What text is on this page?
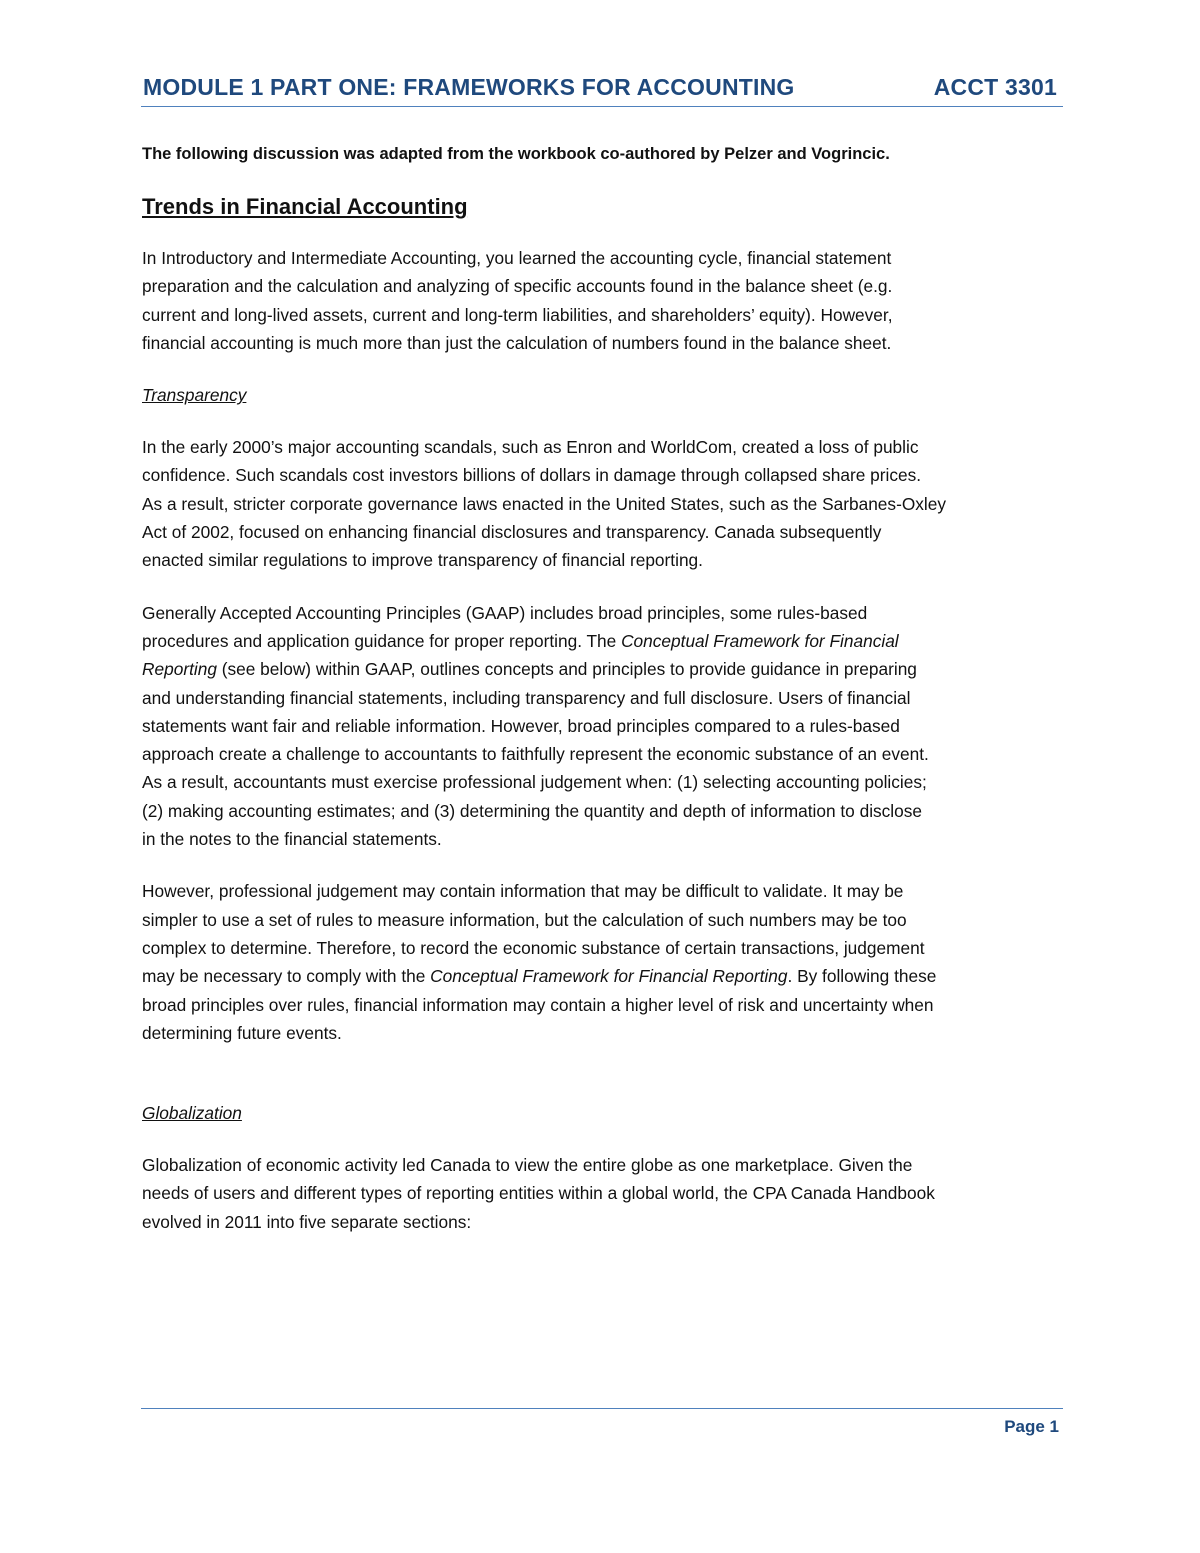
MODULE 1 PART ONE: FRAMEWORKS FOR ACCOUNTING	ACCT 3301
The following discussion was adapted from the workbook co-authored by Pelzer and Vogrincic.
Trends in Financial Accounting

In Introductory and Intermediate Accounting, you learned the accounting cycle, financial statement
preparation and the calculation and analyzing of specific accounts found in the balance sheet (e.g.
current and long-lived assets, current and long-term liabilities, and shareholders’ equity). However,
financial accounting is much more than just the calculation of numbers found in the balance sheet.

Transparency

In the early 2000’s major accounting scandals, such as Enron and WorldCom, created a loss of public
confidence. Such scandals cost investors billions of dollars in damage through collapsed share prices.
As a result, stricter corporate governance laws enacted in the United States, such as the Sarbanes-Oxley
Act of 2002, focused on enhancing financial disclosures and transparency. Canada subsequently
enacted similar regulations to improve transparency of financial reporting.

Generally Accepted Accounting Principles (GAAP) includes broad principles, some rules-based
procedures and application guidance for proper reporting. The Conceptual Framework for Financial
Reporting (see below) within GAAP, outlines concepts and principles to provide guidance in preparing
and understanding financial statements, including transparency and full disclosure. Users of financial
statements want fair and reliable information. However, broad principles compared to a rules-based
approach create a challenge to accountants to faithfully represent the economic substance of an event.
As a result, accountants must exercise professional judgement when: (1) selecting accounting policies;
(2) making accounting estimates; and (3) determining the quantity and depth of information to disclose
in the notes to the financial statements.

However, professional judgement may contain information that may be difficult to validate. It may be
simpler to use a set of rules to measure information, but the calculation of such numbers may be too
complex to determine. Therefore, to record the economic substance of certain transactions, judgement
may be necessary to comply with the Conceptual Framework for Financial Reporting. By following these
broad principles over rules, financial information may contain a higher level of risk and uncertainty when
determining future events.

Globalization

Globalization of economic activity led Canada to view the entire globe as one marketplace. Given the
needs of users and different types of reporting entities within a global world, the CPA Canada Handbook
evolved in 2011 into five separate sections:

Page 1
